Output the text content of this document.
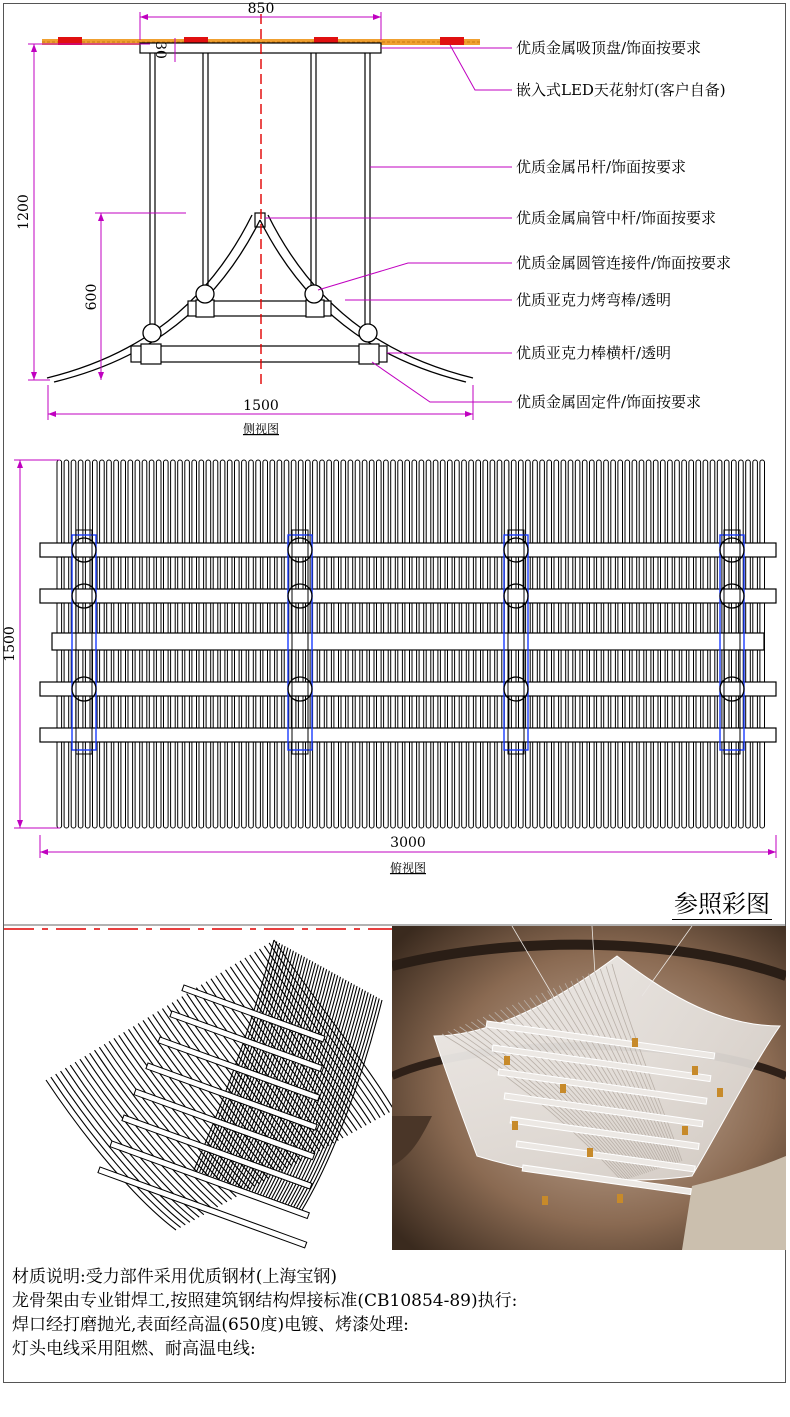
850
30
1200
600
1500
侧视图
优质金属吸顶盘/饰面按要求
嵌入式LED天花射灯(客户自备)
优质金属吊杆/饰面按要求
优质金属扁管中杆/饰面按要求
优质金属圆管连接件/饰面按要求
优质亚克力烤弯棒/透明
优质亚克力棒横杆/透明
优质金属固定件/饰面按要求
1500
3000
俯视图
参照彩图
材质说明:受力部件采用优质钢材(上海宝钢)
龙骨架由专业钳焊工,按照建筑钢结构焊接标准(CB10854-89)执行:
焊口经打磨抛光,表面经高温(650度)电镀、烤漆处理:
灯头电线采用阻燃、耐高温电线:
